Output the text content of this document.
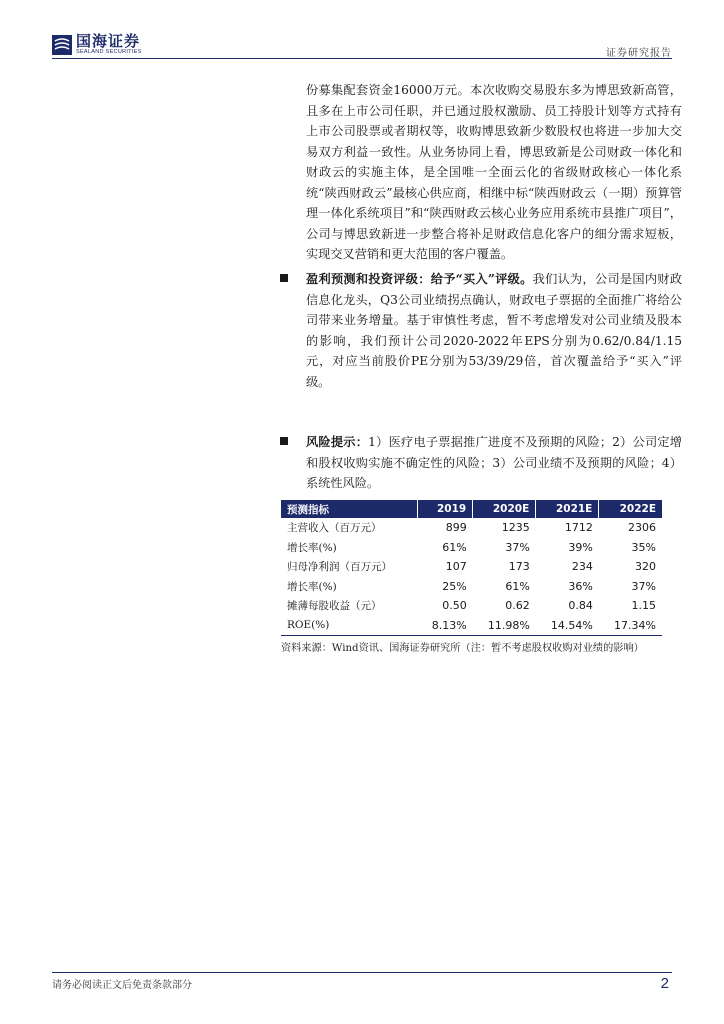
国海证券
SEALAND SECURITIES	证券研究报告

份募集配套资金16000万元。本次收购交易股东多为博思致新高管，且多在上市公司任职，并已通过股权激励、员工持股计划等方式持有上市公司股票或者期权等，收购博思致新少数股权也将进一步加大交易双方利益一致性。从业务协同上看，博思致新是公司财政一体化和财政云的实施主体，是全国唯一全面云化的省级财政核心一体化系统“陕西财政云”最核心供应商，相继中标“陕西财政云（一期）预算管理一体化系统项目”和“陕西财政云核心业务应用系统市县推广项目”，公司与博思致新进一步整合将补足财政信息化客户的细分需求短板，实现交叉营销和更大范围的客户覆盖。

盈利预测和投资评级：给予“买入”评级。我们认为，公司是国内财政信息化龙头，Q3公司业绩拐点确认，财政电子票据的全面推广将给公司带来业务增量。基于审慎性考虑，暂不考虑增发对公司业绩及股本的影响，我们预计公司2020-2022年EPS分别为0.62/0.84/1.15元，对应当前股价PE分别为53/39/29倍，首次覆盖给予“买入”评级。

风险提示：1）医疗电子票据推广进度不及预期的风险；2）公司定增和股权收购实施不确定性的风险；3）公司业绩不及预期的风险；4）系统性风险。

预测指标	2019	2020E	2021E	2022E
主营收入（百万元）	899	1235	1712	2306
增长率(%)	61%	37%	39%	35%
归母净利润（百万元）	107	173	234	320
增长率(%)	25%	61%	36%	37%
摊薄每股收益（元）	0.50	0.62	0.84	1.15
ROE(%)	8.13%	11.98%	14.54%	17.34%
资料来源：Wind资讯、国海证券研究所（注：暂不考虑股权收购对业绩的影响）
请务必阅读正文后免责条款部分	2
